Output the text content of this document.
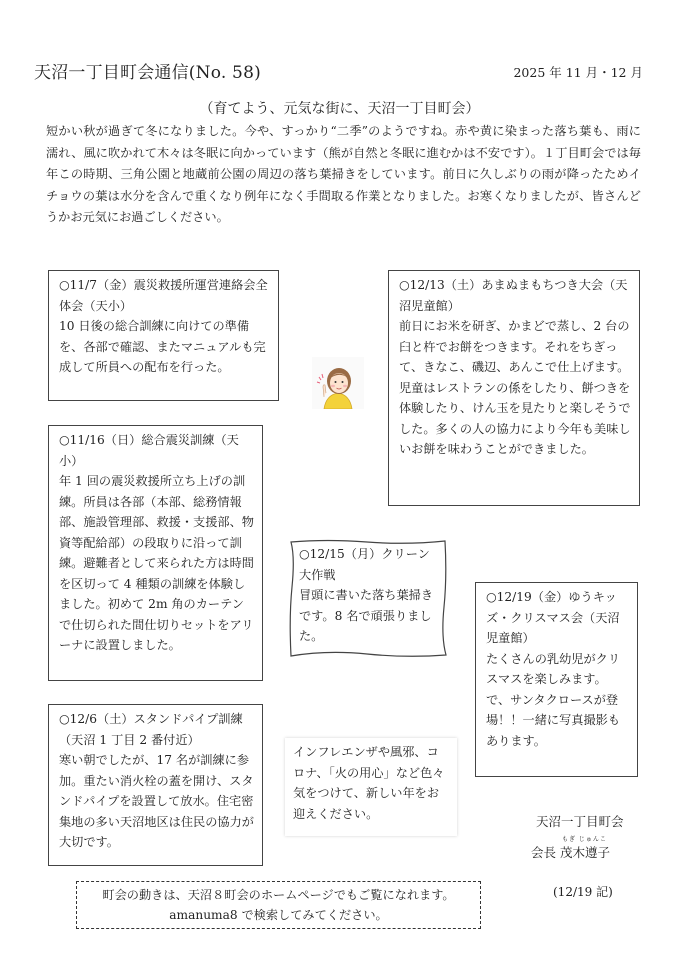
天沼一丁目町会通信(No. 58)	2025 年 11 月・12 月
（育てよう、元気な街に、天沼一丁目町会）
短かい秋が過ぎて冬になりました。今や、すっかり“二季”のようですね。赤や黄に染まった落ち葉も、雨に濡れ、風に吹かれて木々は冬眠に向かっています（熊が自然と冬眠に進むかは不安です）。１丁目町会では毎年この時期、三角公園と地蔵前公園の周辺の落ち葉掃きをしています。前日に久しぶりの雨が降ったためイチョウの葉は水分を含んで重くなり例年になく手間取る作業となりました。お寒くなりましたが、皆さんどうかお元気にお過ごしください。
○11/7（金）震災救援所運営連絡会全体会（天小）
10 日後の総合訓練に向けての準備を、各部で確認、またマニュアルも完成して所員への配布を行った。
○12/13（土）あまぬまもちつき大会（天沼児童館）
前日にお米を研ぎ、かまどで蒸し、2 台の臼と杵でお餅をつきます。それをちぎって、きなこ、磯辺、あんこで仕上げます。児童はレストランの係をしたり、餅つきを体験したり、けん玉を見たりと楽しそうでした。多くの人の協力により今年も美味しいお餅を味わうことができました。
○11/16（日）総合震災訓練（天小）
年 1 回の震災救援所立ち上げの訓練。所員は各部（本部、総務情報部、施設管理部、救援・支援部、物資等配給部）の段取りに沿って訓練。避難者として来られた方は時間を区切って 4 種類の訓練を体験しました。初めて 2m 角のカーテンで仕切られた間仕切りセットをアリーナに設置しました。
○12/15（月）クリーン大作戦
冒頭に書いた落ち葉掃きです。8 名で頑張りました。
○12/19（金）ゆうキッズ・クリスマス会（天沼児童館）
たくさんの乳幼児がクリスマスを楽しみます。で、サンタクロースが登場！！一緒に写真撮影もあります。
○12/6（土）スタンドパイプ訓練（天沼 1 丁目 2 番付近）
寒い朝でしたが、17 名が訓練に参加。重たい消火栓の蓋を開け、スタンドパイプを設置して放水。住宅密集地の多い天沼地区は住民の協力が大切です。
インフレエンザや風邪、コロナ、「火の用心」など色々気をつけて、新しい年をお迎えください。
天沼一丁目町会
会長
もぎ じゅんこ
茂木遵子
町会の動きは、天沼８町会のホームページでもご覧になれます。
amanuma8 で検索してみてください。
(12/19 記)
